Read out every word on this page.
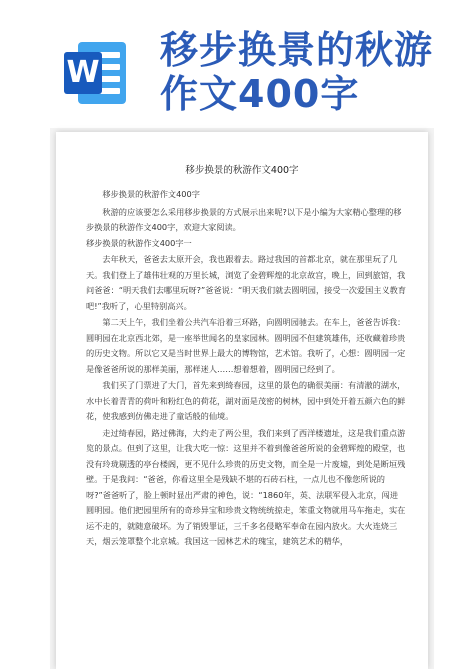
W
移步换景的秋游作文400字
移步换景的秋游作文400字

移步换景的秋游作文400字

秋游的应该要怎么采用移步换景的方式展示出来呢?以下是小编为大家精心整理的移步换景的秋游作文400字，欢迎大家阅读。

移步换景的秋游作文400字一

去年秋天，爸爸去太原开会，我也跟着去。路过我国的首都北京，就在那里玩了几天。我们登上了雄伟壮观的万里长城，浏览了金碧辉煌的北京故宫，晚上，回到旅馆，我问爸爸：“明天我们去哪里玩呀?”爸爸说：“明天我们就去圆明园，接受一次爱国主义教育吧!”我听了，心里特别高兴。

第二天上午，我们坐着公共汽车沿着三环路，向圆明园驰去。在车上，爸爸告诉我：圆明园在北京西北郊，是一座举世闻名的皇家园林。圆明园不但建筑雄伟，还收藏着珍贵的历史文物。所以它又是当时世界上最大的博物馆，艺术馆。我听了，心想：圆明园一定是像爸爸所说的那样美丽，那样迷人……想着想着，圆明园已经到了。

我们买了门票进了大门，首先来到绮春园，这里的景色的确很美丽：有清澈的湖水，水中长着青青的荷叶和粉红色的荷花，湖对面是茂密的树林，园中到处开着五颜六色的鲜花，使我感到仿佛走进了童话般的仙境。

走过绮春园，路过佛海，大约走了两公里，我们来到了西洋楼遗址，这是我们重点游览的景点。但到了这里，让我大吃一惊：这里并不着到像爸爸所说的金碧辉煌的殿堂，也没有玲珑剔透的亭台楼阁，更不见什么珍贵的历史文物，而全是一片废墟，到处是断垣残壁。于是我问：“爸爸，你看这里全是残缺不堪的石砖石柱，一点儿也不像您所说的呀?”爸爸听了，脸上顿时显出严肃的神色，说：“1860年，英、法联军侵入北京，闯进圆明园。他们把园里所有的奇珍异宝和珍贵文物统统掠走，笨重文物就用马车拖走，实在运不走的，就随意破坏。为了销毁罪证，三千多名侵略军奉命在园内放火。大火连烧三天，烟云笼罩整个北京城。我国这一园林艺术的瑰宝，建筑艺术的精华，
